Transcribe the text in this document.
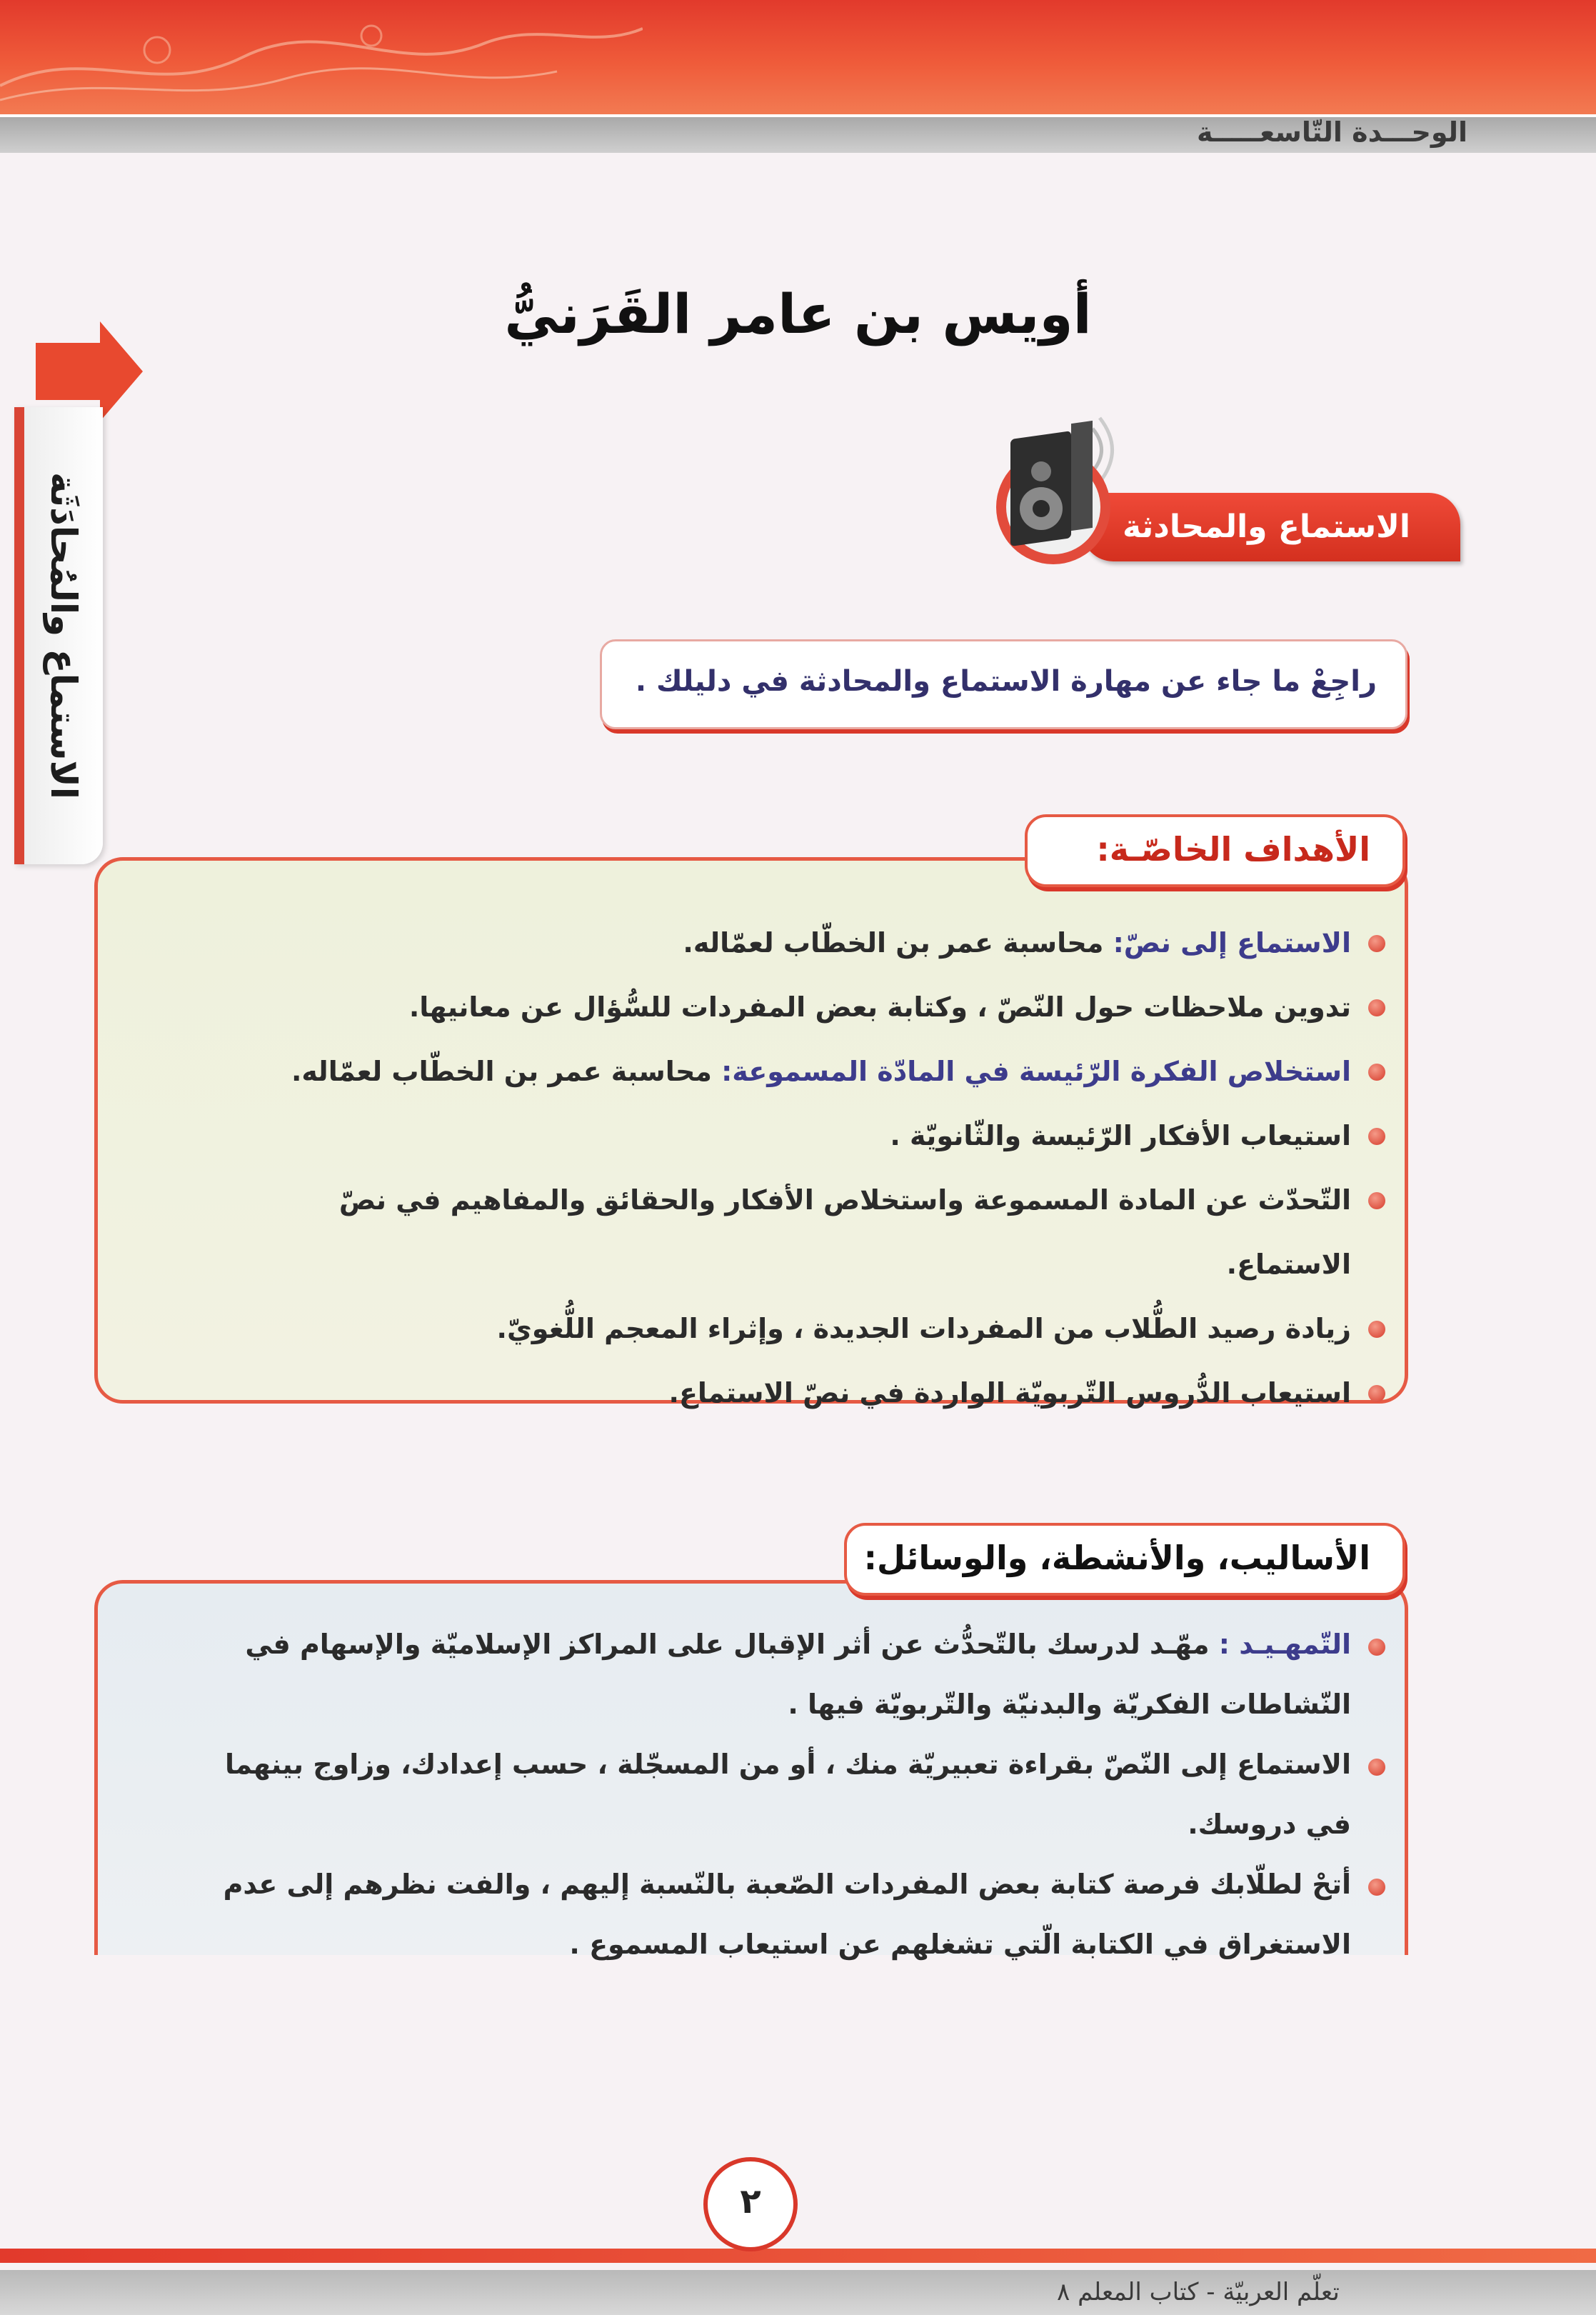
الوحـــدة التّاسعـــــة
الاستماع والمُحادَثَة
أويس بن عامر القَرَنيُّ
الاستماع والمحادثة
راجِعْ ما جاء عن مهارة الاستماع والمحادثة في دليلك .
الأهداف الخاصّـة:
الاستماع إلى نصّ: محاسبة عمر بن الخطّاب لعمّاله.
تدوين ملاحظات حول النّصّ ، وكتابة بعض المفردات للسُّؤال عن معانيها.
استخلاص الفكرة الرّئيسة في المادّة المسموعة: محاسبة عمر بن الخطّاب لعمّاله.
استيعاب الأفكار الرّئيسة والثّانويّة .
التّحدّث عن المادة المسموعة واستخلاص الأفكار والحقائق والمفاهيم في نصّ الاستماع.
زيادة رصيد الطُّلاب من المفردات الجديدة ، وإثراء المعجم اللُّغويّ.
استيعاب الدُّروس التّربويّة الواردة في نصّ الاستماع.
الأساليب، والأنشطة، والوسائل:
التّمهـيـد : مهّـد لدرسك بالتّحدُّث عن أثر الإقبال على المراكز الإسلاميّة والإسهام في النّشاطات الفكريّة والبدنيّة والتّربويّة فيها .
الاستماع إلى النّصّ بقراءة تعبيريّة منك ، أو من المسجّلة ، حسب إعدادك، وزاوج بينهما في دروسك.
أتحْ لطلّابك فرصة كتابة بعض المفردات الصّعبة بالنّسبة إليهم ، والفت نظرهم إلى عدم الاستغراق في الكتابة الّتي تشغلهم عن استيعاب المسموع .
٢
تعلّم العربيّة - كتاب المعلم ٨
